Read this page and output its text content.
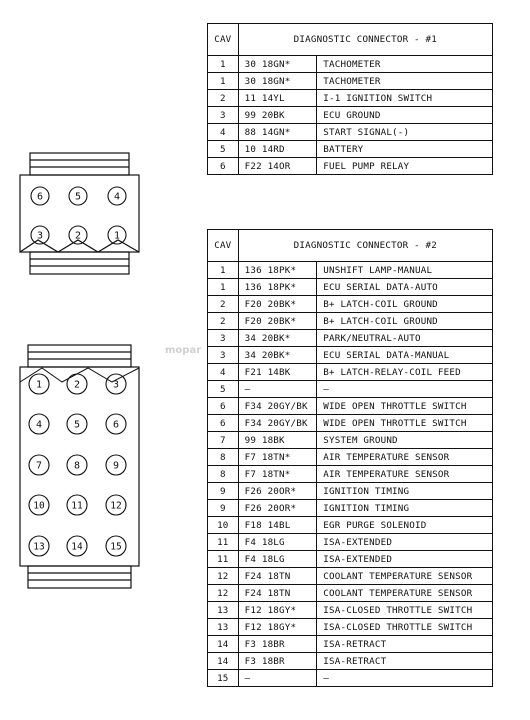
6	5	4
3	2	1
1	2	3
4	5	6
7	8	9
10	11	12
13	14	15
mopar
CAV	DIAGNOSTIC CONNECTOR - #1	
1	30 18GN*	TACHOMETER
1	30 18GN*	TACHOMETER
2	11 14YL	I-1 IGNITION SWITCH
3	99 20BK	ECU GROUND
4	88 14GN*	START SIGNAL(-)
5	10 14RD	BATTERY
6	F22 14OR	FUEL PUMP RELAY
CAV	DIAGNOSTIC CONNECTOR - #2	
1	136 18PK*	UNSHIFT LAMP-MANUAL
1	136 18PK*	ECU SERIAL DATA-AUTO
2	F20 20BK*	B+ LATCH-COIL GROUND
2	F20 20BK*	B+ LATCH-COIL GROUND
3	34 20BK*	PARK/NEUTRAL-AUTO
3	34 20BK*	ECU SERIAL DATA-MANUAL
4	F21 14BK	B+ LATCH-RELAY-COIL FEED
5	—	—
6	F34 20GY/BK	WIDE OPEN THROTTLE SWITCH
6	F34 20GY/BK	WIDE OPEN THROTTLE SWITCH
7	99 18BK	SYSTEM GROUND
8	F7 18TN*	AIR TEMPERATURE SENSOR
8	F7 18TN*	AIR TEMPERATURE SENSOR
9	F26 20OR*	IGNITION TIMING
9	F26 20OR*	IGNITION TIMING
10	F18 14BL	EGR PURGE SOLENOID
11	F4 18LG	ISA-EXTENDED
11	F4 18LG	ISA-EXTENDED
12	F24 18TN	COOLANT TEMPERATURE SENSOR
12	F24 18TN	COOLANT TEMPERATURE SENSOR
13	F12 18GY*	ISA-CLOSED THROTTLE SWITCH
13	F12 18GY*	ISA-CLOSED THROTTLE SWITCH
14	F3 18BR	ISA-RETRACT
14	F3 18BR	ISA-RETRACT
15	—	—
